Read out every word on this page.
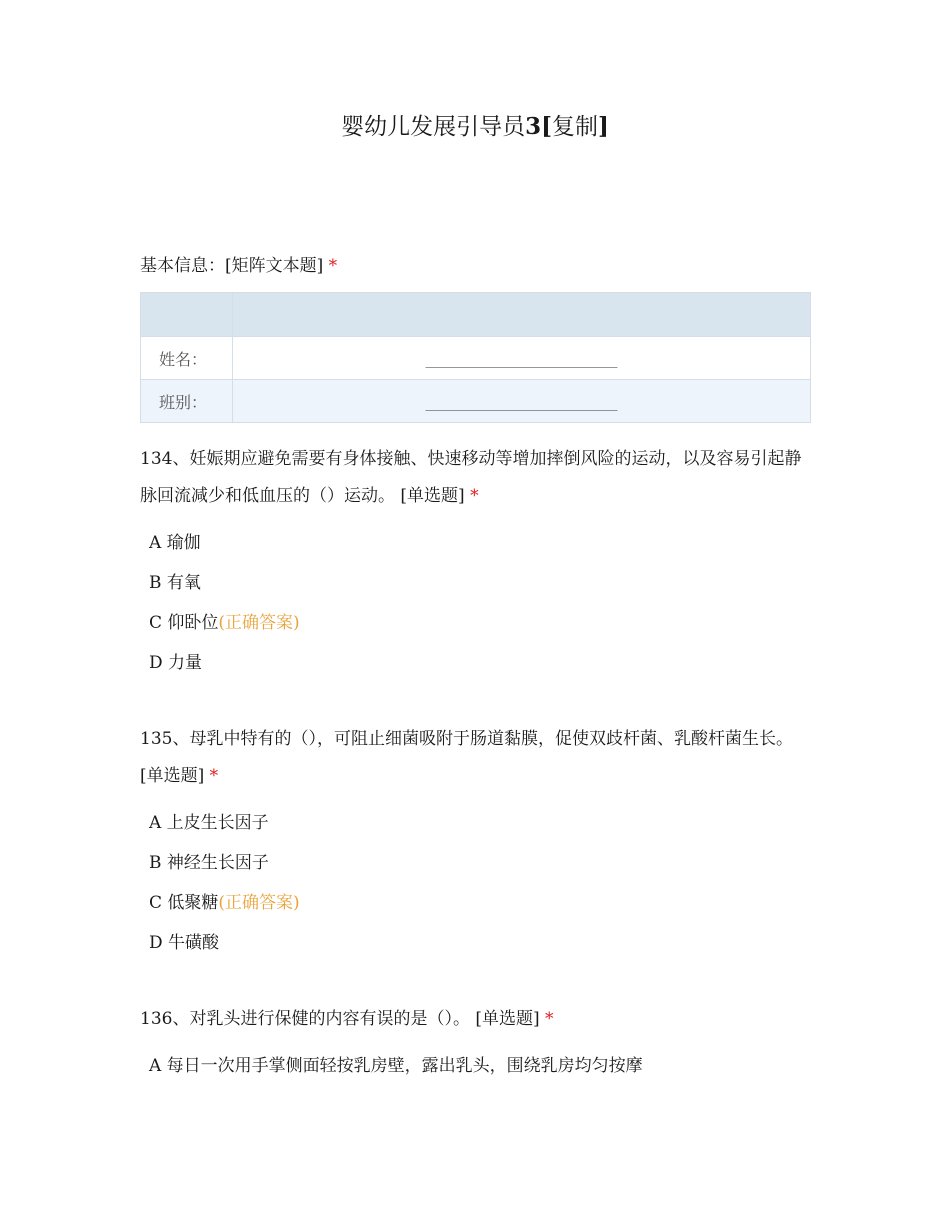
婴幼儿发展引导员3[复制]
基本信息：[矩阵文本题] *

姓名：	________________________
班别：	________________________
134、妊娠期应避免需要有身体接触、快速移动等增加摔倒风险的运动，以及容易引起静脉回流减少和低血压的（）运动。 [单选题] *
A 瑜伽
B 有氧
C 仰卧位(正确答案)
D 力量
135、母乳中特有的（），可阻止细菌吸附于肠道黏膜，促使双歧杆菌、乳酸杆菌生长。 [单选题] *
A 上皮生长因子
B 神经生长因子
C 低聚糖(正确答案)
D 牛磺酸
136、对乳头进行保健的内容有误的是（）。 [单选题] *
A 每日一次用手掌侧面轻按乳房壁，露出乳头，围绕乳房均匀按摩
